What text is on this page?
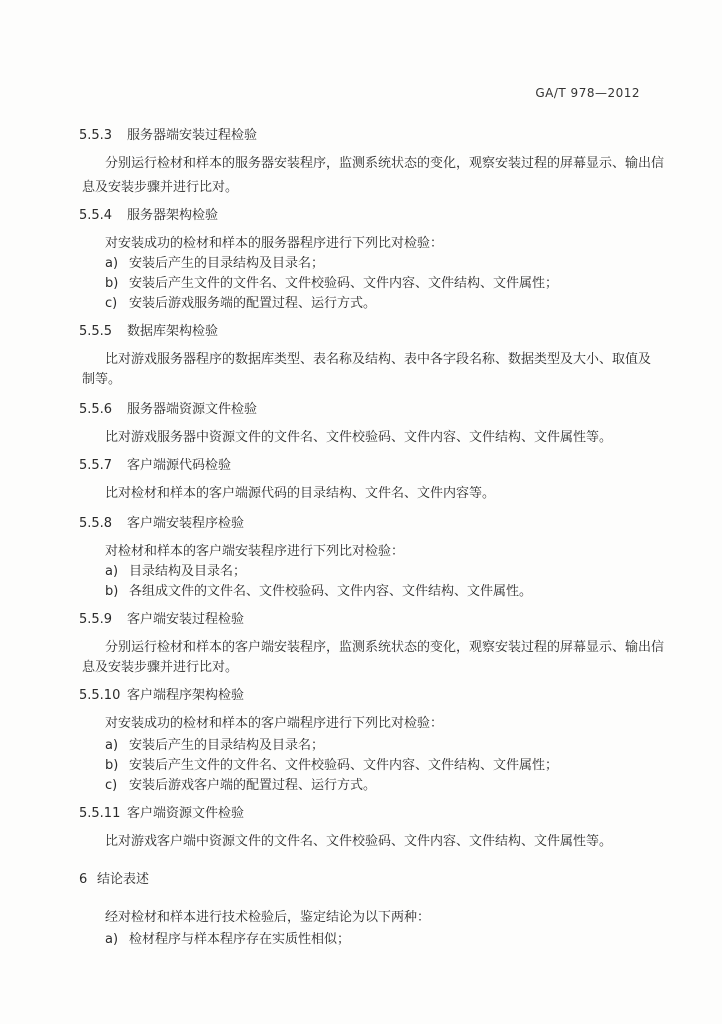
GA/T 978—2012
5.5.3 服务器端安装过程检验
分别运行检材和样本的服务器安装程序，监测系统状态的变化，观察安装过程的屏幕显示、输出信
息及安装步骤并进行比对。
5.5.4 服务器架构检验
对安装成功的检材和样本的服务器程序进行下列比对检验：
a) 安装后产生的目录结构及目录名；
b) 安装后产生文件的文件名、文件校验码、文件内容、文件结构、文件属性；
c) 安装后游戏服务端的配置过程、运行方式。
5.5.5 数据库架构检验
比对游戏服务器程序的数据库类型、表名称及结构、表中各字段名称、数据类型及大小、取值及
制等。
5.5.6 服务器端资源文件检验
比对游戏服务器中资源文件的文件名、文件校验码、文件内容、文件结构、文件属性等。
5.5.7 客户端源代码检验
比对检材和样本的客户端源代码的目录结构、文件名、文件内容等。
5.5.8 客户端安装程序检验
对检材和样本的客户端安装程序进行下列比对检验：
a) 目录结构及目录名；
b) 各组成文件的文件名、文件校验码、文件内容、文件结构、文件属性。
5.5.9 客户端安装过程检验
分别运行检材和样本的客户端安装程序，监测系统状态的变化，观察安装过程的屏幕显示、输出信
息及安装步骤并进行比对。
5.5.10 客户端程序架构检验
对安装成功的检材和样本的客户端程序进行下列比对检验：
a) 安装后产生的目录结构及目录名；
b) 安装后产生文件的文件名、文件校验码、文件内容、文件结构、文件属性；
c) 安装后游戏客户端的配置过程、运行方式。
5.5.11 客户端资源文件检验
比对游戏客户端中资源文件的文件名、文件校验码、文件内容、文件结构、文件属性等。
6 结论表述
经对检材和样本进行技术检验后，鉴定结论为以下两种：
a) 检材程序与样本程序存在实质性相似；
